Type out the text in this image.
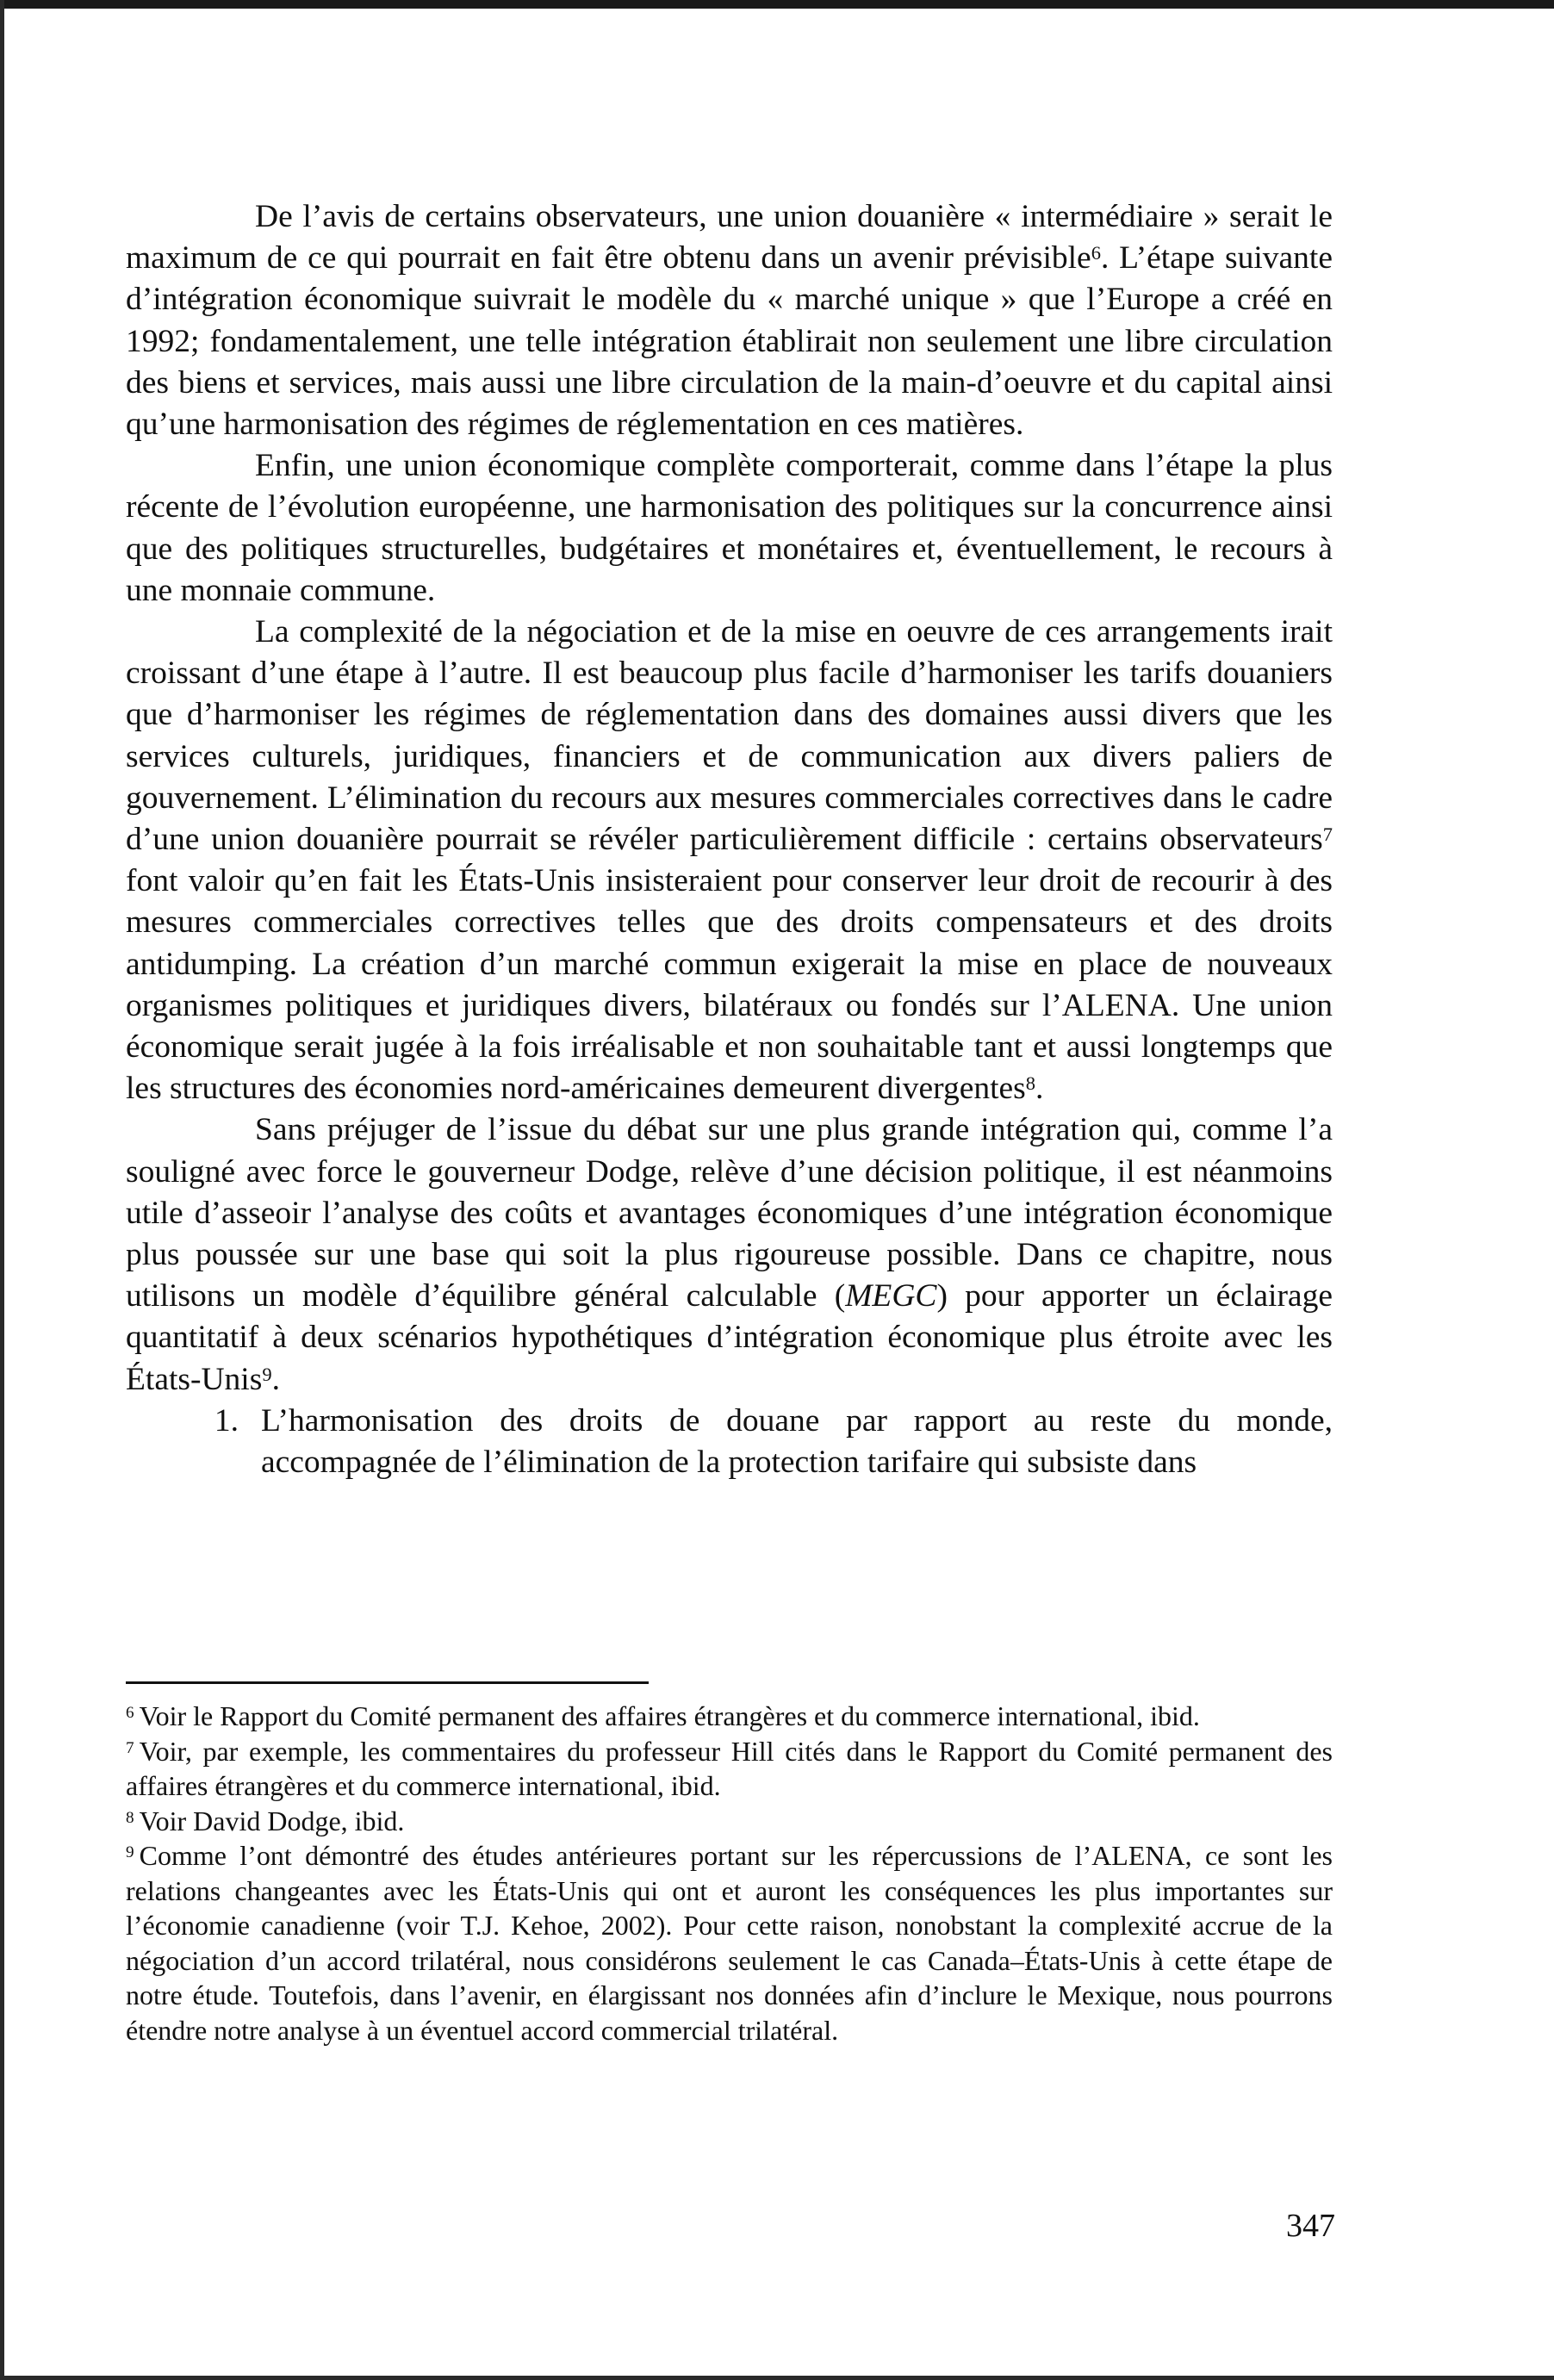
De l’avis de certains observateurs, une union douanière « intermédiaire » serait le maximum de ce qui pourrait en fait être obtenu dans un avenir prévisible$^6$. L’étape suivante d’intégration économique suivrait le modèle du « marché unique » que l’Europe a créé en 1992; fondamentalement, une telle intégration établirait non seulement une libre circulation des biens et services, mais aussi une libre circulation de la main-d’oeuvre et du capital ainsi qu’une harmonisation des régimes de réglementation en ces matières.

Enfin, une union économique complète comporterait, comme dans l’étape la plus récente de l’évolution européenne, une harmonisation des politiques sur la concurrence ainsi que des politiques structurelles, budgétaires et monétaires et, éventuellement, le recours à une monnaie commune.

La complexité de la négociation et de la mise en oeuvre de ces arrangements irait croissant d’une étape à l’autre. Il est beaucoup plus facile d’harmoniser les tarifs douaniers que d’harmoniser les régimes de réglementation dans des domaines aussi divers que les services culturels, juridiques, financiers et de communication aux divers paliers de gouvernement. L’élimination du recours aux mesures commerciales correctives dans le cadre d’une union douanière pourrait se révéler particulièrement difficile : certains observateurs$^7$ font valoir qu’en fait les États-Unis insisteraient pour conserver leur droit de recourir à des mesures commerciales correctives telles que des droits compensateurs et des droits antidumping. La création d’un marché commun exigerait la mise en place de nouveaux organismes politiques et juridiques divers, bilatéraux ou fondés sur l’ALENA. Une union économique serait jugée à la fois irréalisable et non souhaitable tant et aussi longtemps que les structures des économies nord-américaines demeurent divergentes$^8$.

Sans préjuger de l’issue du débat sur une plus grande intégration qui, comme l’a souligné avec force le gouverneur Dodge, relève d’une décision politique, il est néanmoins utile d’asseoir l’analyse des coûts et avantages économiques d’une intégration économique plus poussée sur une base qui soit la plus rigoureuse possible. Dans ce chapitre, nous utilisons un modèle d’équilibre général calculable (MEGC) pour apporter un éclairage quantitatif à deux scénarios hypothétiques d’intégration économique plus étroite avec les États-Unis$^9$.

1. L’harmonisation des droits de douane par rapport au reste du monde, accompagnée de l’élimination de la protection tarifaire qui subsiste dans

$^6$ Voir le Rapport du Comité permanent des affaires étrangères et du commerce international, ibid.

$^7$ Voir, par exemple, les commentaires du professeur Hill cités dans le Rapport du Comité permanent des affaires étrangères et du commerce international, ibid.

$^8$ Voir David Dodge, ibid.

$^9$ Comme l’ont démontré des études antérieures portant sur les répercussions de l’ALENA, ce sont les relations changeantes avec les États-Unis qui ont et auront les conséquences les plus importantes sur l’économie canadienne (voir T.J. Kehoe, 2002). Pour cette raison, nonobstant la complexité accrue de la négociation d’un accord trilatéral, nous considérons seulement le cas Canada–États-Unis à cette étape de notre étude. Toutefois, dans l’avenir, en élargissant nos données afin d’inclure le Mexique, nous pourrons étendre notre analyse à un éventuel accord commercial trilatéral.

347
